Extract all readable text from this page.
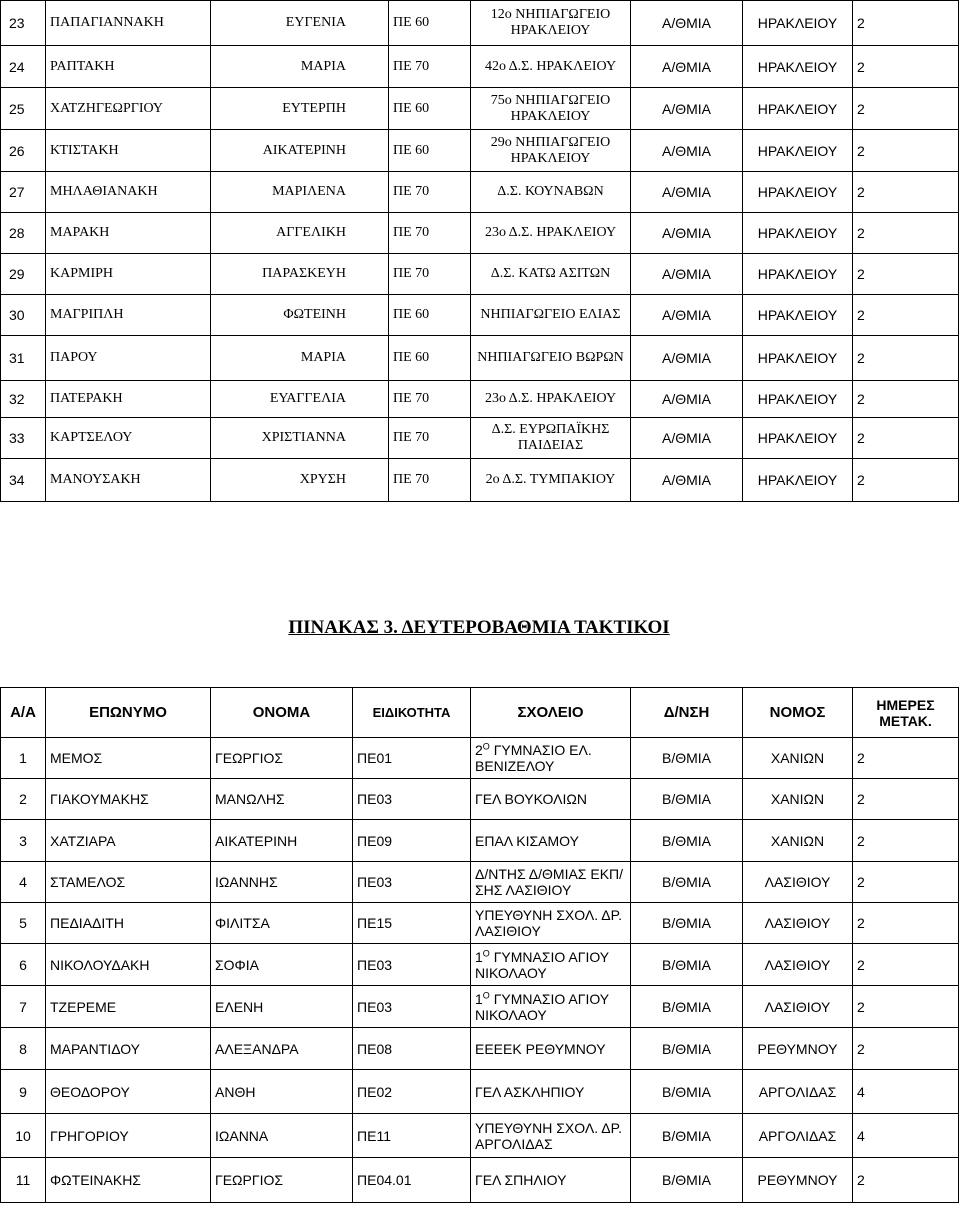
23	ΠΑΠΑΓΙΑΝΝΑΚΗ	ΕΥΓΕΝΙΑ	ΠΕ 60	12ο ΝΗΠΙΑΓΩΓΕΙΟ ΗΡΑΚΛΕΙΟΥ	Α/ΘΜΙΑ	ΗΡΑΚΛΕΙΟΥ	2
24	ΡΑΠΤΑΚΗ	ΜΑΡΙΑ	ΠΕ 70	42ο Δ.Σ. ΗΡΑΚΛΕΙΟΥ	Α/ΘΜΙΑ	ΗΡΑΚΛΕΙΟΥ	2
25	ΧΑΤΖΗΓΕΩΡΓΙΟΥ	ΕΥΤΕΡΠΗ	ΠΕ 60	75ο ΝΗΠΙΑΓΩΓΕΙΟ ΗΡΑΚΛΕΙΟΥ	Α/ΘΜΙΑ	ΗΡΑΚΛΕΙΟΥ	2
26	ΚΤΙΣΤΑΚΗ	ΑΙΚΑΤΕΡΙΝΗ	ΠΕ 60	29ο ΝΗΠΙΑΓΩΓΕΙΟ ΗΡΑΚΛΕΙΟΥ	Α/ΘΜΙΑ	ΗΡΑΚΛΕΙΟΥ	2
27	ΜΗΛΑΘΙΑΝΑΚΗ	ΜΑΡΙΛΕΝΑ	ΠΕ 70	Δ.Σ. ΚΟΥΝΑΒΩΝ	Α/ΘΜΙΑ	ΗΡΑΚΛΕΙΟΥ	2
28	ΜΑΡΑΚΗ	ΑΓΓΕΛΙΚΗ	ΠΕ 70	23ο Δ.Σ. ΗΡΑΚΛΕΙΟΥ	Α/ΘΜΙΑ	ΗΡΑΚΛΕΙΟΥ	2
29	ΚΑΡΜΙΡΗ	ΠΑΡΑΣΚΕΥΗ	ΠΕ 70	Δ.Σ. ΚΑΤΩ ΑΣΙΤΩΝ	Α/ΘΜΙΑ	ΗΡΑΚΛΕΙΟΥ	2
30	ΜΑΓΡΙΠΛΗ	ΦΩΤΕΙΝΗ	ΠΕ 60	ΝΗΠΙΑΓΩΓΕΙΟ ΕΛΙΑΣ	Α/ΘΜΙΑ	ΗΡΑΚΛΕΙΟΥ	2
31	ΠΑΡΟΥ	ΜΑΡΙΑ	ΠΕ 60	ΝΗΠΙΑΓΩΓΕΙΟ ΒΩΡΩΝ	Α/ΘΜΙΑ	ΗΡΑΚΛΕΙΟΥ	2
32	ΠΑΤΕΡΑΚΗ	ΕΥΑΓΓΕΛΙΑ	ΠΕ 70	23ο Δ.Σ. ΗΡΑΚΛΕΙΟΥ	Α/ΘΜΙΑ	ΗΡΑΚΛΕΙΟΥ	2
33	ΚΑΡΤΣΕΛΟΥ	ΧΡΙΣΤΙΑΝΝΑ	ΠΕ 70	Δ.Σ. ΕΥΡΩΠΑΪΚΗΣ ΠΑΙΔΕΙΑΣ	Α/ΘΜΙΑ	ΗΡΑΚΛΕΙΟΥ	2
34	ΜΑΝΟΥΣΑΚΗ	ΧΡΥΣΗ	ΠΕ 70	2ο Δ.Σ. ΤΥΜΠΑΚΙΟΥ	Α/ΘΜΙΑ	ΗΡΑΚΛΕΙΟΥ	2
ΠΙΝΑΚΑΣ 3. ΔΕΥΤΕΡΟΒΑΘΜΙΑ ΤΑΚΤΙΚΟΙ
Α/Α	ΕΠΩΝΥΜΟ	ΟΝΟΜΑ	ΕΙΔΙΚΟΤΗΤΑ	ΣΧΟΛΕΙΟ	Δ/ΝΣΗ	ΝΟΜΟΣ	ΗΜΕΡΕΣ ΜΕΤΑΚ.
1	ΜΕΜΟΣ	ΓΕΩΡΓΙΟΣ	ΠΕ01	$2^O$ ΓΥΜΝΑΣΙΟ ΕΛ. ΒΕΝΙΖΕΛΟΥ	Β/ΘΜΙΑ	ΧΑΝΙΩΝ	2
2	ΓΙΑΚΟΥΜΑΚΗΣ	ΜΑΝΩΛΗΣ	ΠΕ03	ΓΕΛ ΒΟΥΚΟΛΙΩΝ	Β/ΘΜΙΑ	ΧΑΝΙΩΝ	2
3	ΧΑΤΖΙΑΡΑ	ΑΙΚΑΤΕΡΙΝΗ	ΠΕ09	ΕΠΑΛ ΚΙΣΑΜΟΥ	Β/ΘΜΙΑ	ΧΑΝΙΩΝ	2
4	ΣΤΑΜΕΛΟΣ	ΙΩΑΝΝΗΣ	ΠΕ03	Δ/ΝΤΗΣ Δ/ΘΜΙΑΣ ΕΚΠ/ΣΗΣ ΛΑΣΙΘΙΟΥ	Β/ΘΜΙΑ	ΛΑΣΙΘΙΟΥ	2
5	ΠΕΔΙΑΔΙΤΗ	ΦΙΛΙΤΣΑ	ΠΕ15	ΥΠΕΥΘΥΝΗ ΣΧΟΛ. ΔΡ. ΛΑΣΙΘΙΟΥ	Β/ΘΜΙΑ	ΛΑΣΙΘΙΟΥ	2
6	ΝΙΚΟΛΟΥΔΑΚΗ	ΣΟΦΙΑ	ΠΕ03	$1^O$ ΓΥΜΝΑΣΙΟ ΑΓΙΟΥ ΝΙΚΟΛΑΟΥ	Β/ΘΜΙΑ	ΛΑΣΙΘΙΟΥ	2
7	ΤΖΕΡΕΜΕ	ΕΛΕΝΗ	ΠΕ03	$1^O$ ΓΥΜΝΑΣΙΟ ΑΓΙΟΥ ΝΙΚΟΛΑΟΥ	Β/ΘΜΙΑ	ΛΑΣΙΘΙΟΥ	2
8	ΜΑΡΑΝΤΙΔΟΥ	ΑΛΕΞΑΝΔΡΑ	ΠΕ08	ΕΕΕΕΚ ΡΕΘΥΜΝΟΥ	Β/ΘΜΙΑ	ΡΕΘΥΜΝΟΥ	2
9	ΘΕΟΔΟΡΟΥ	ΑΝΘΗ	ΠΕ02	ΓΕΛ ΑΣΚΛΗΠΙΟΥ	Β/ΘΜΙΑ	ΑΡΓΟΛΙΔΑΣ	4
10	ΓΡΗΓΟΡΙΟΥ	ΙΩΑΝΝΑ	ΠΕ11	ΥΠΕΥΘΥΝΗ ΣΧΟΛ. ΔΡ. ΑΡΓΟΛΙΔΑΣ	Β/ΘΜΙΑ	ΑΡΓΟΛΙΔΑΣ	4
11	ΦΩΤΕΙΝΑΚΗΣ	ΓΕΩΡΓΙΟΣ	ΠΕ04.01	ΓΕΛ ΣΠΗΛΙΟΥ	Β/ΘΜΙΑ	ΡΕΘΥΜΝΟΥ	2
